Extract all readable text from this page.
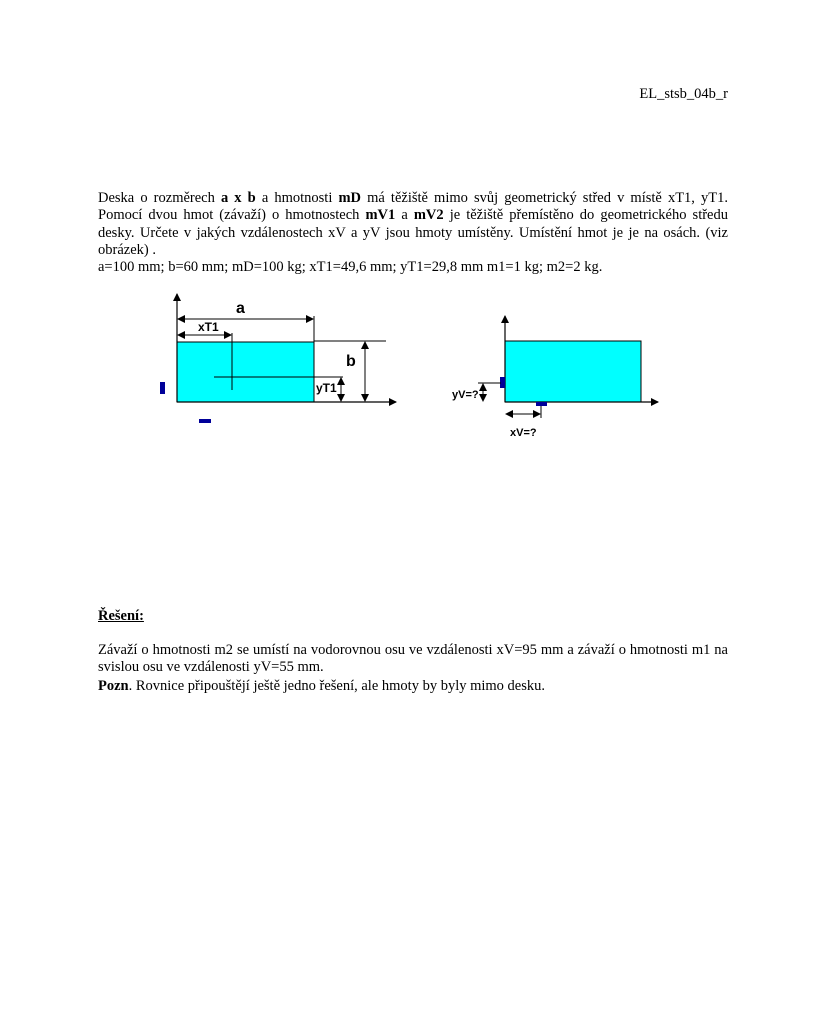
EL_stsb_04b_r

Deska o rozměrech a x b a hmotnosti mD má těžiště mimo svůj geometrický střed v místě xT1, yT1. Pomocí dvou hmot (závaží) o hmotnostech mV1 a mV2 je těžiště přemístěno do geometrického středu desky. Určete v jakých vzdálenostech xV a yV jsou hmoty umístěny. Umístění hmot je je na osách. (viz obrázek) .
a=100 mm; b=60 mm; mD=100 kg; xT1=49,6 mm; yT1=29,8 mm m1=1 kg; m2=2 kg.

a
xT1
yT1
b
yV=?
xV=?
Řešení:

Závaží o hmotnosti m2 se umístí na vodorovnou osu ve vzdálenosti xV=95 mm a závaží o hmotnosti m1 na svislou osu ve vzdálenosti yV=55 mm.

Pozn. Rovnice připouštějí ještě jedno řešení, ale hmoty by byly mimo desku.
